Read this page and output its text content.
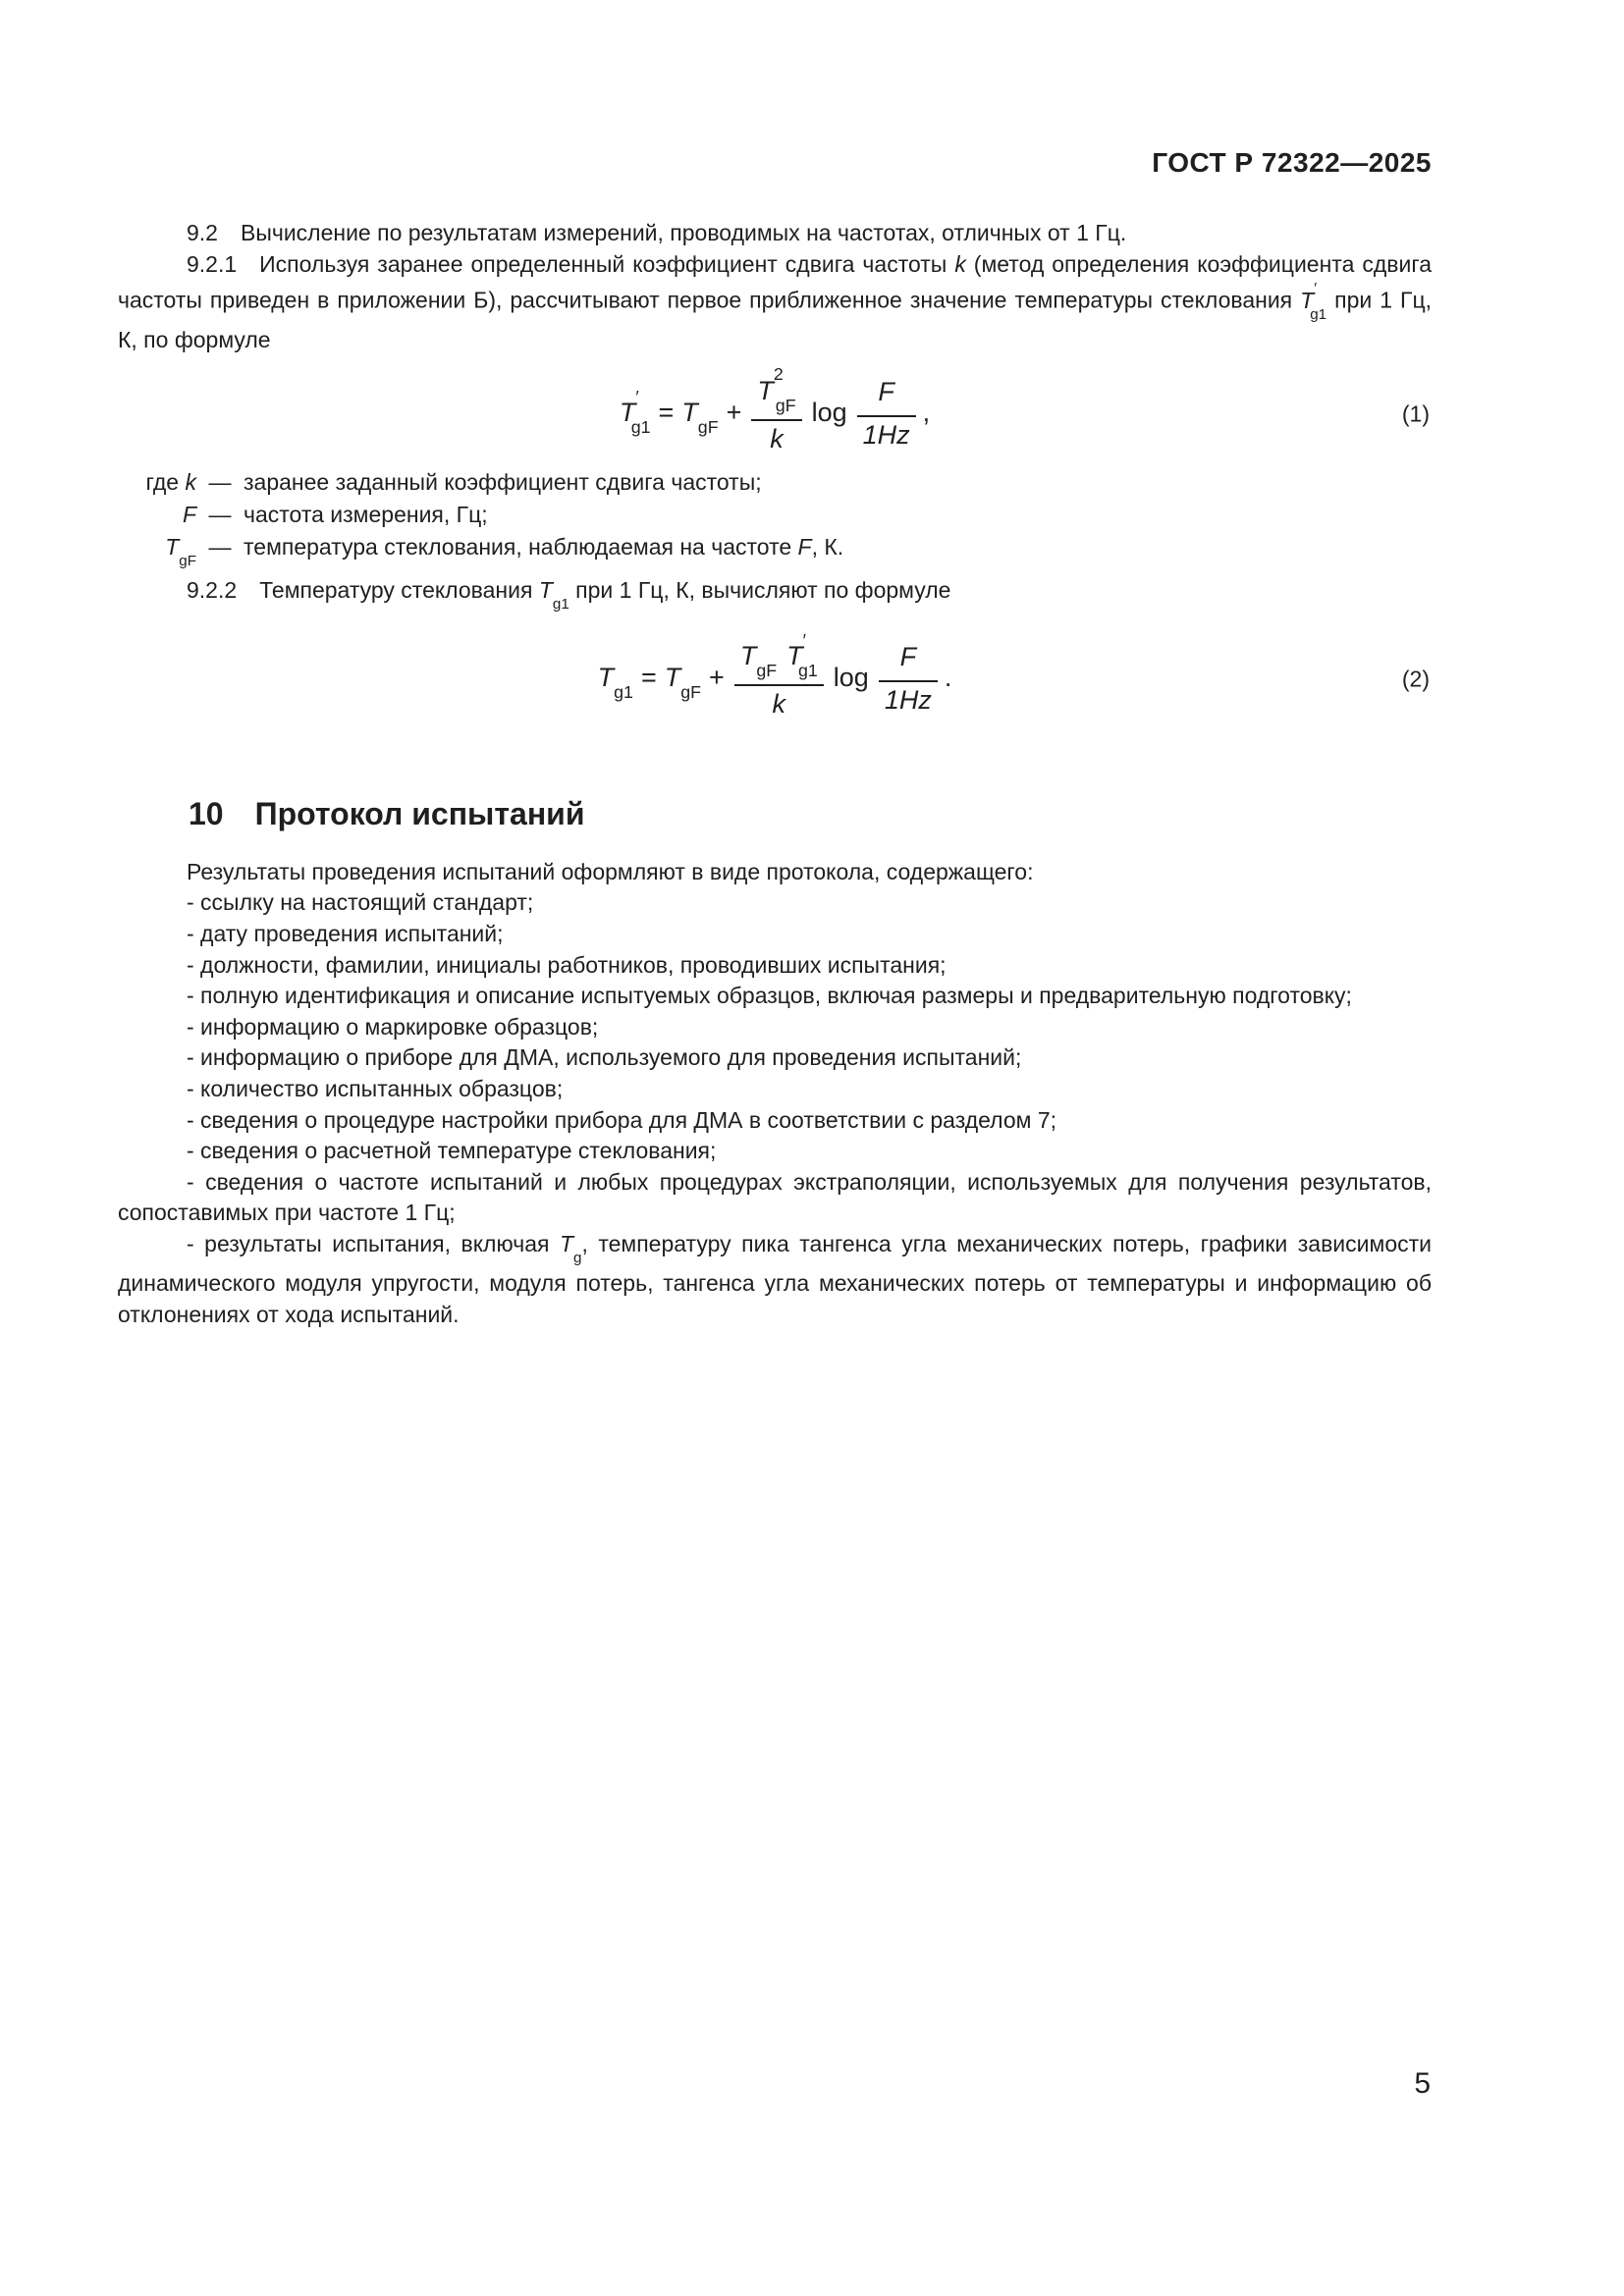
ГОСТ Р 72322—2025

9.2 Вычисление по результатам измерений, проводимых на частотах, отличных от 1 Гц.

9.2.1 Используя заранее определенный коэффициент сдвига частоты k (метод определения коэффициента сдвига частоты приведен в приложении Б), рассчитывают первое приближенное значение температуры стеклования $T'_{g1}$ при 1 Гц, К, по формуле

$T'_{g1}= T_{gF}+ \frac{T^2_{gF}}{k}$ $\log \frac{F}{1Hz}$ ,	(1)
где k — заранее заданный коэффициент сдвига частоты;
F — частота измерения, Гц;
$T_{gF}$
— температура стеклования, наблюдаемая на частоте F, К.

9.2.2 Температуру стеклования $T_{g1}$ при 1 Гц, К, вычисляют по формуле

$T_{g1}= T_{gF}+ \frac{T_{gF}T'_{g1}}{k}$ $\log \frac{F}{1Hz}$ .	(2)
10 Протокол испытаний

Результаты проведения испытаний оформляют в виде протокола, содержащего:

- ссылку на настоящий стандарт;

- дату проведения испытаний;

- должности, фамилии, инициалы работников, проводивших испытания;

- полную идентификация и описание испытуемых образцов, включая размеры и предварительную подготовку;

- информацию о маркировке образцов;

- информацию о приборе для ДМА, используемого для проведения испытаний;

- количество испытанных образцов;

- сведения о процедуре настройки прибора для ДМА в соответствии с разделом 7;

- сведения о расчетной температуре стеклования;

- сведения о частоте испытаний и любых процедурах экстраполяции, используемых для получения результатов, сопоставимых при частоте 1 Гц;

- результаты испытания, включая $T_g$, температуру пика тангенса угла механических потерь, графики зависимости динамического модуля упругости, модуля потерь, тангенса угла механических потерь от температуры и информацию об отклонениях от хода испытаний.

5
